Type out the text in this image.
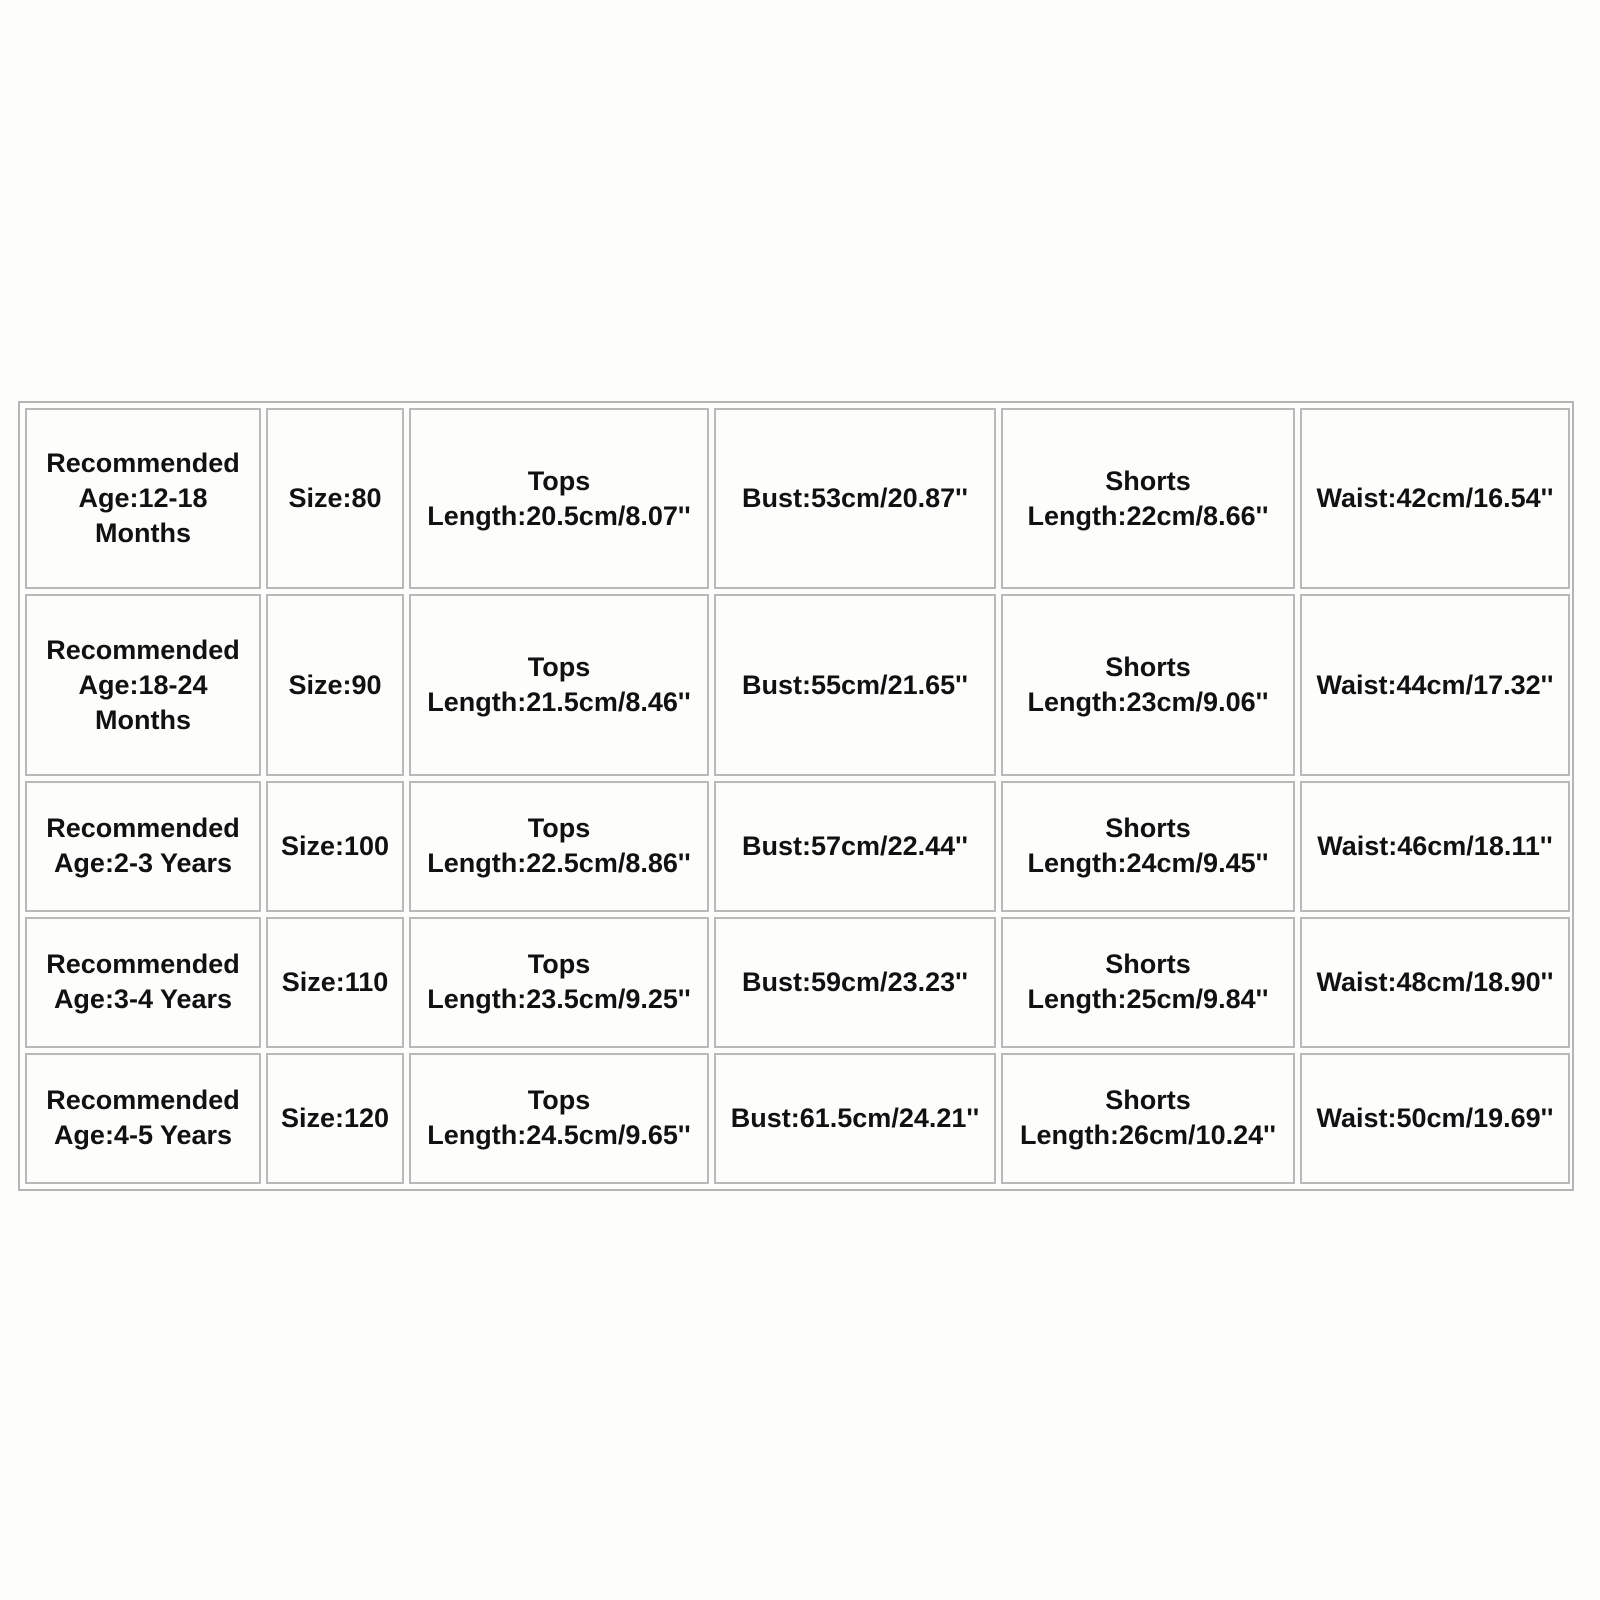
Recommended
Age:12-18
Months	Size:80	Tops
Length:20.5cm/8.07''	Bust:53cm/20.87''	Shorts
Length:22cm/8.66''	Waist:42cm/16.54''

Recommended
Age:18-24
Months	Size:90	Tops
Length:21.5cm/8.46''	Bust:55cm/21.65''	Shorts
Length:23cm/9.06''	Waist:44cm/17.32''

Recommended
Age:2-3 Years	Size:100	Tops
Length:22.5cm/8.86''	Bust:57cm/22.44''	Shorts
Length:24cm/9.45''	Waist:46cm/18.11''

Recommended
Age:3-4 Years	Size:110	Tops
Length:23.5cm/9.25''	Bust:59cm/23.23''	Shorts
Length:25cm/9.84''	Waist:48cm/18.90''

Recommended
Age:4-5 Years	Size:120	Tops
Length:24.5cm/9.65''	Bust:61.5cm/24.21''	Shorts
Length:26cm/10.24''	Waist:50cm/19.69''
